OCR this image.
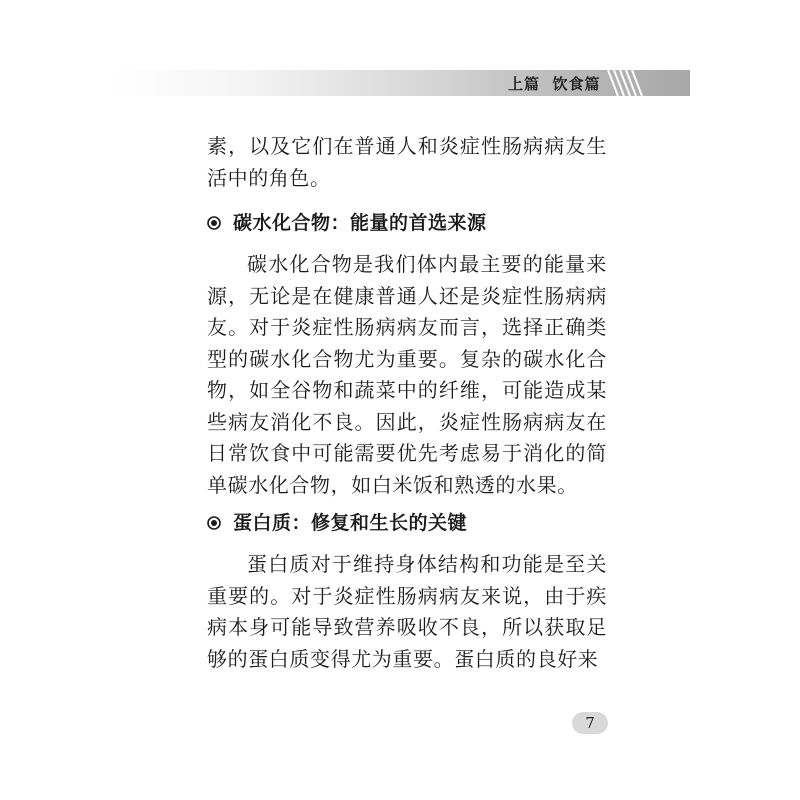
上篇 饮食篇

素，以及它们在普通人和炎症性肠病病友生活中的角色。

碳水化合物：能量的首选来源

碳水化合物是我们体内最主要的能量来源，无论是在健康普通人还是炎症性肠病病友。对于炎症性肠病病友而言，选择正确类型的碳水化合物尤为重要。复杂的碳水化合物，如全谷物和蔬菜中的纤维，可能造成某些病友消化不良。因此，炎症性肠病病友在日常饮食中可能需要优先考虑易于消化的简单碳水化合物，如白米饭和熟透的水果。

蛋白质：修复和生长的关键

蛋白质对于维持身体结构和功能是至关重要的。对于炎症性肠病病友来说，由于疾病本身可能导致营养吸收不良，所以获取足够的蛋白质变得尤为重要。蛋白质的良好来

7
